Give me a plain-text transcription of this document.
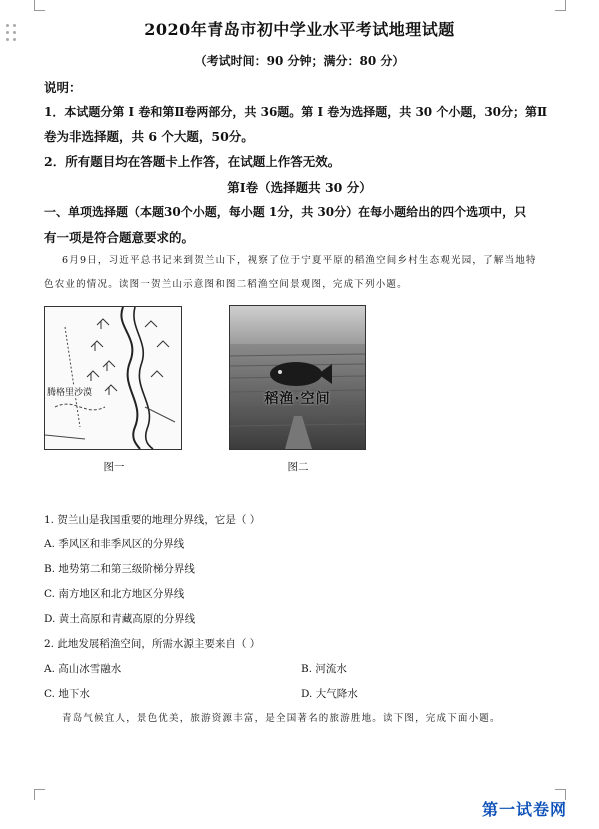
2020年青岛市初中学业水平考试地理试题
（考试时间：90 分钟；满分：80 分）
说明：
1．本试题分第 I 卷和第Ⅱ卷两部分，共 36题。第 I 卷为选择题，共 30 个小题，30分；第Ⅱ
卷为非选择题，共 6 个大题，50分。
2．所有题目均在答题卡上作答，在试题上作答无效。
第Ⅰ卷（选择题共 30 分）
一、单项选择题（本题30个小题，每小题 1分，共 30分）在每小题给出的四个选项中，只
有一项是符合题意要求的。
6月9日，习近平总书记来到贺兰山下，视察了位于宁夏平原的稻渔空间乡村生态观光园，了解当地特
色农业的情况。读图一贺兰山示意图和图二稻渔空间景观图，完成下列小题。
腾格里沙漠
图一
稻渔·空间
图二
1. 贺兰山是我国重要的地理分界线，它是（ ）
A. 季风区和非季风区的分界线
B. 地势第二和第三级阶梯分界线
C. 南方地区和北方地区分界线
D. 黄土高原和青藏高原的分界线
2. 此地发展稻渔空间，所需水源主要来自（ ）
A. 高山冰雪融水	B. 河流水
C. 地下水	D. 大气降水
青岛气候宜人，景色优美，旅游资源丰富，是全国著名的旅游胜地。读下图，完成下面小题。
第一试卷网
